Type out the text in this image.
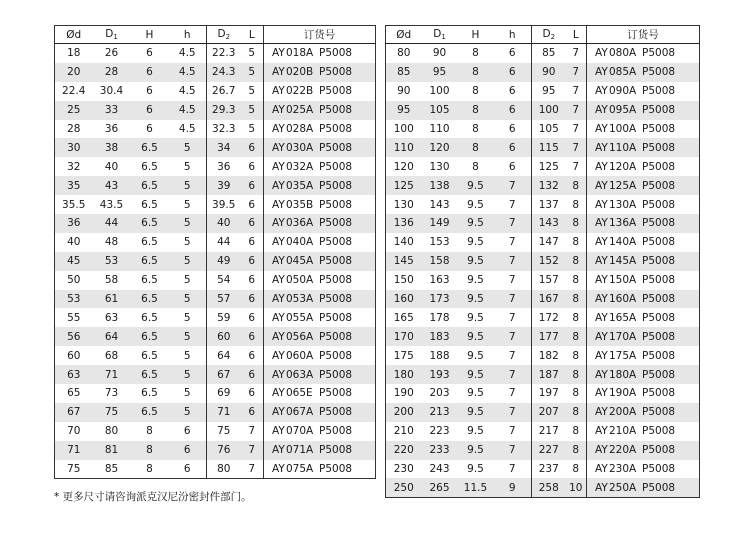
Ød	$D_1$	H	h	$D_2$	L	订货号
18	26	6	4.5	22.3	5	AY018A P5008
20	28	6	4.5	24.3	5	AY020B P5008
22.4	30.4	6	4.5	26.7	5	AY022B P5008
25	33	6	4.5	29.3	5	AY025A P5008
28	36	6	4.5	32.3	5	AY028A P5008
30	38	6.5	5	34	6	AY030A P5008
32	40	6.5	5	36	6	AY032A P5008
35	43	6.5	5	39	6	AY035A P5008
35.5	43.5	6.5	5	39.5	6	AY035B P5008
36	44	6.5	5	40	6	AY036A P5008
40	48	6.5	5	44	6	AY040A P5008
45	53	6.5	5	49	6	AY045A P5008
50	58	6.5	5	54	6	AY050A P5008
53	61	6.5	5	57	6	AY053A P5008
55	63	6.5	5	59	6	AY055A P5008
56	64	6.5	5	60	6	AY056A P5008
60	68	6.5	5	64	6	AY060A P5008
63	71	6.5	5	67	6	AY063A P5008
65	73	6.5	5	69	6	AY065E P5008
67	75	6.5	5	71	6	AY067A P5008
70	80	8	6	75	7	AY070A P5008
71	81	8	6	76	7	AY071A P5008
75	85	8	6	80	7	AY075A P5008
Ød	$D_1$	H	h	$D_2$	L	订货号
80	90	8	6	85	7	AY080A P5008
85	95	8	6	90	7	AY085A P5008
90	100	8	6	95	7	AY090A P5008
95	105	8	6	100	7	AY095A P5008
100	110	8	6	105	7	AY100A P5008
110	120	8	6	115	7	AY110A P5008
120	130	8	6	125	7	AY120A P5008
125	138	9.5	7	132	8	AY125A P5008
130	143	9.5	7	137	8	AY130A P5008
136	149	9.5	7	143	8	AY136A P5008
140	153	9.5	7	147	8	AY140A P5008
145	158	9.5	7	152	8	AY145A P5008
150	163	9.5	7	157	8	AY150A P5008
160	173	9.5	7	167	8	AY160A P5008
165	178	9.5	7	172	8	AY165A P5008
170	183	9.5	7	177	8	AY170A P5008
175	188	9.5	7	182	8	AY175A P5008
180	193	9.5	7	187	8	AY180A P5008
190	203	9.5	7	197	8	AY190A P5008
200	213	9.5	7	207	8	AY200A P5008
210	223	9.5	7	217	8	AY210A P5008
220	233	9.5	7	227	8	AY220A P5008
230	243	9.5	7	237	8	AY230A P5008
250	265	11.5	9	258	10	AY250A P5008
* 更多尺寸请咨询派克汉尼汾密封件部门。
